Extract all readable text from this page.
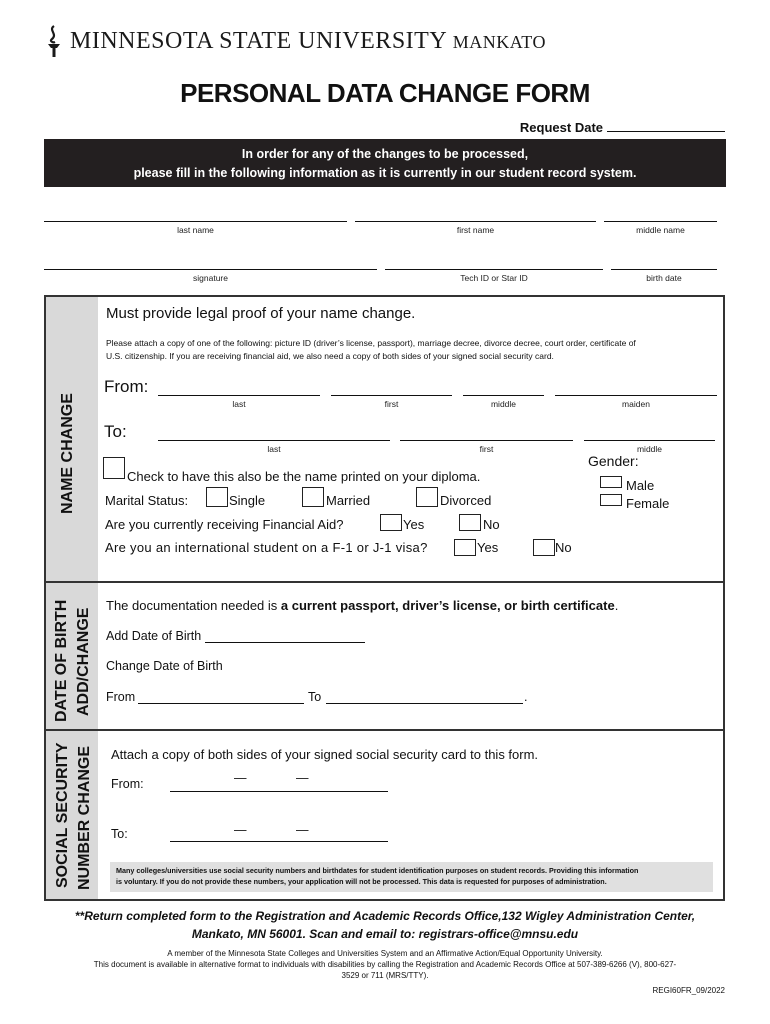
MINNESOTA STATE UNIVERSITY MANKATO
PERSONAL DATA CHANGE FORM
Request Date
In order for any of the changes to be processed,
please fill in the following information as it is currently in our student record system.
last name	first name	middle name
signature	Tech ID or Star ID	birth date
NAME CHANGE
Must provide legal proof of your name change.
Please attach a copy of one of the following: picture ID (driver’s license, passport), marriage decree, divorce decree, court order, certificate of
U.S. citizenship. If you are receiving financial aid, we also need a copy of both sides of your signed social security card.
From:
last	first	middle	maiden
To:
last	first	middle
Check to have this also be the name printed on your diploma.
Gender:
Male
Female
Marital Status:	Single	Married	Divorced
Are you currently receiving Financial Aid?	Yes	No
Are you an international student on a F-1 or J-1 visa?	Yes	No
DATE OF BIRTH ADD/CHANGE
The documentation needed is a current passport, driver’s license, or birth certificate.
Add Date of Birth
Change Date of Birth
From	To	.
SOCIAL SECURITY NUMBER CHANGE Attach a copy of both sides of your signed social security card to this form.
From:	—	—
To:	—	—
Many colleges/universities use social security numbers and birthdates for student identification purposes on student records. Providing this information
is voluntary. If you do not provide these numbers, your application will not be processed. This data is requested for purposes of administration.
**Return completed form to the Registration and Academic Records Office,132 Wigley Administration Center,
Mankato, MN 56001. Scan and email to: registrars-office@mnsu.edu
A member of the Minnesota State Colleges and Universities System and an Affirmative Action/Equal Opportunity University.
This document is available in alternative format to individuals with disabilities by calling the Registration and Academic Records Office at 507-389-6266 (V), 800-627-
3529 or 711 (MRS/TTY).
REGI60FR_09/2022
